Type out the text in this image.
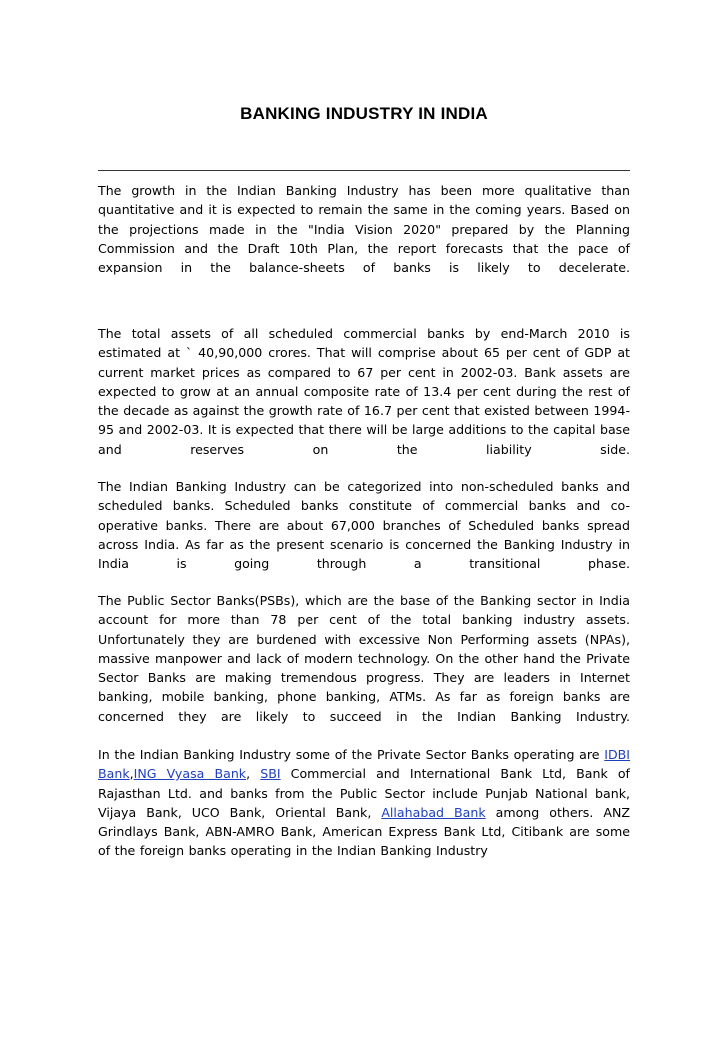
BANKING INDUSTRY IN INDIA
The growth in the Indian Banking Industry has been more qualitative than quantitative and it is expected to remain the same in the coming years. Based on the projections made in the "India Vision 2020" prepared by the Planning Commission and the Draft 10th Plan, the report forecasts that the pace of expansion in the balance-sheets of banks is likely to decelerate.
The total assets of all scheduled commercial banks by end-March 2010 is estimated at ` 40,90,000 crores. That will comprise about 65 per cent of GDP at current market prices as compared to 67 per cent in 2002-03. Bank assets are expected to grow at an annual composite rate of 13.4 per cent during the rest of the decade as against the growth rate of 16.7 per cent that existed between 1994-95 and 2002-03. It is expected that there will be large additions to the capital base and reserves on the liability side.
The Indian Banking Industry can be categorized into non-scheduled banks and scheduled banks. Scheduled banks constitute of commercial banks and co-operative banks. There are about 67,000 branches of Scheduled banks spread across India. As far as the present scenario is concerned the Banking Industry in India is going through a transitional phase.
The Public Sector Banks(PSBs), which are the base of the Banking sector in India account for more than 78 per cent of the total banking industry assets. Unfortunately they are burdened with excessive Non Performing assets (NPAs), massive manpower and lack of modern technology. On the other hand the Private Sector Banks are making tremendous progress. They are leaders in Internet banking, mobile banking, phone banking, ATMs. As far as foreign banks are concerned they are likely to succeed in the Indian Banking Industry.
In the Indian Banking Industry some of the Private Sector Banks operating are IDBI Bank,ING Vyasa Bank, SBI Commercial and International Bank Ltd, Bank of Rajasthan Ltd. and banks from the Public Sector include Punjab National bank, Vijaya Bank, UCO Bank, Oriental Bank, Allahabad Bank among others. ANZ Grindlays Bank, ABN-AMRO Bank, American Express Bank Ltd, Citibank are some of the foreign banks operating in the Indian Banking Industry
